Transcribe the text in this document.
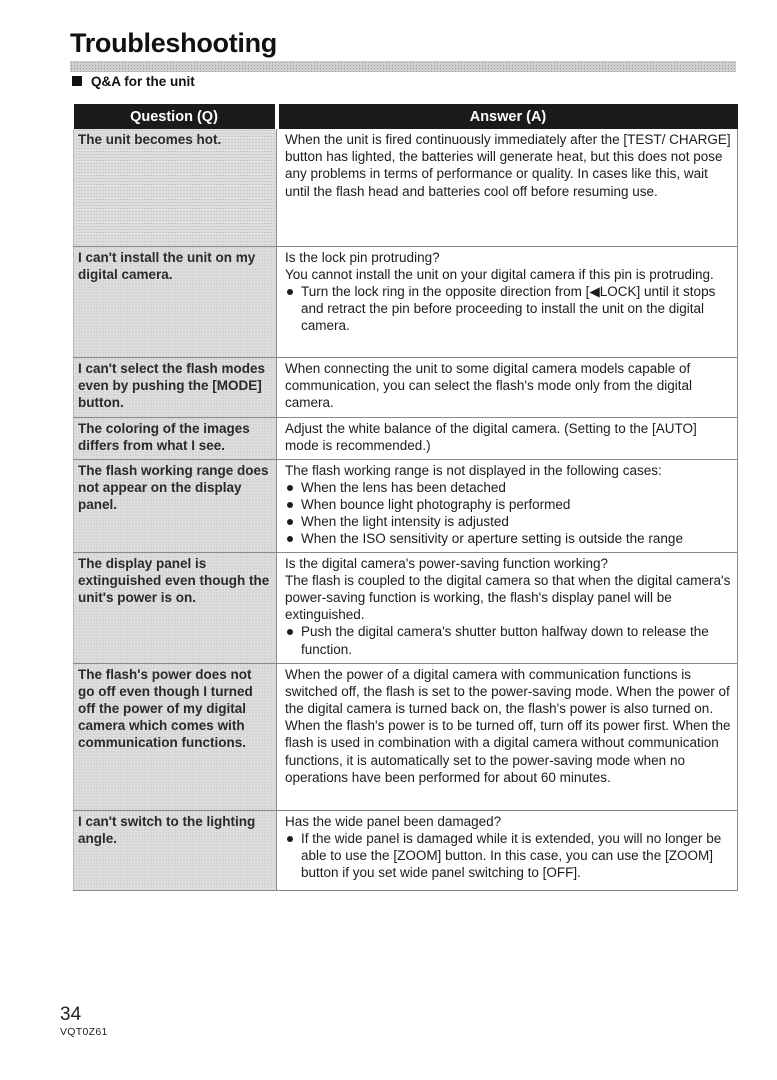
Troubleshooting
Q&A for the unit
Question (Q)	Answer (A)
The unit becomes hot.	When the unit is fired continuously immediately after the [TEST/ CHARGE] button has lighted, the batteries will generate heat, but this does not pose any problems in terms of performance or quality. In cases like this, wait until the flash head and batteries cool off before resuming use.

I can't install the unit on my digital camera.	Is the lock pin protruding?
You cannot install the unit on your digital camera if this pin is protruding.
Turn the lock ring in the opposite direction from [◀LOCK] until it stops and retract the pin before proceeding to install the unit on the digital camera.

I can't select the flash modes even by pushing the [MODE] button.	When connecting the unit to some digital camera models capable of communication, you can select the flash's mode only from the digital camera.

The coloring of the images differs from what I see.	Adjust the white balance of the digital camera. (Setting to the [AUTO] mode is recommended.)

The flash working range does not appear on the display panel.	The flash working range is not displayed in the following cases:
When the lens has been detached
When bounce light photography is performed
When the light intensity is adjusted
When the ISO sensitivity or aperture setting is outside the range

The display panel is extinguished even though the unit's power is on.	Is the digital camera's power-saving function working?
The flash is coupled to the digital camera so that when the digital camera's power-saving function is working, the flash's display panel will be extinguished.
Push the digital camera's shutter button halfway down to release the function.

The flash's power does not go off even though I turned off the power of my digital camera which comes with communication functions.	When the power of a digital camera with communication functions is switched off, the flash is set to the power-saving mode. When the power of the digital camera is turned back on, the flash's power is also turned on.
When the flash's power is to be turned off, turn off its power first. When the flash is used in combination with a digital camera without communication functions, it is automatically set to the power-saving mode when no operations have been performed for about 60 minutes.

I can't switch to the lighting angle.	Has the wide panel been damaged?
If the wide panel is damaged while it is extended, you will no longer be able to use the [ZOOM] button. In this case, you can use the [ZOOM] button if you set wide panel switching to [OFF].
34
VQT0Z61
